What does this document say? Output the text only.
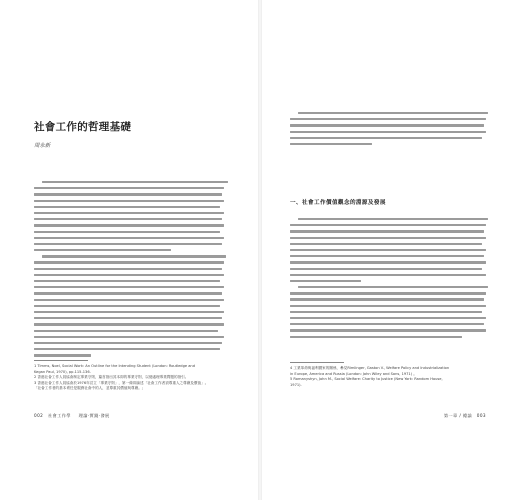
社會工作的哲理基礎
周永新
1 Timms, Noel, Social Work: An Outline for the Intending Student (London: Routledge and
Kegan Paul, 1970), pp.115-136.
2 香港社會工作人員協會制定專業守則，篇首指出其本即的專業守則，以便處理專業問題的指引。
3 香港社會工作人員協會於1976年訂立「專業守則」，第一條即論述「社會工作者須尊重人之尊嚴及價值」。
「社會工作者的基本責任是服務社會中的人，並尊重其價值與尊嚴。」
002 社會工作學 理論·實踐·發展
一、社會工作價值觀念的淵源及發展
4 工業革命與福利國家的關係，參見Rimlinger, Gaston V., Welfare Policy and Industrialization
in Europe, America and Russia (London: John Wiley and Sons, 1971) 。
5 Romanyshyn, John M., Social Welfare: Charity to Justice (New York: Random House,
1971).
第一章 / 總論 003
